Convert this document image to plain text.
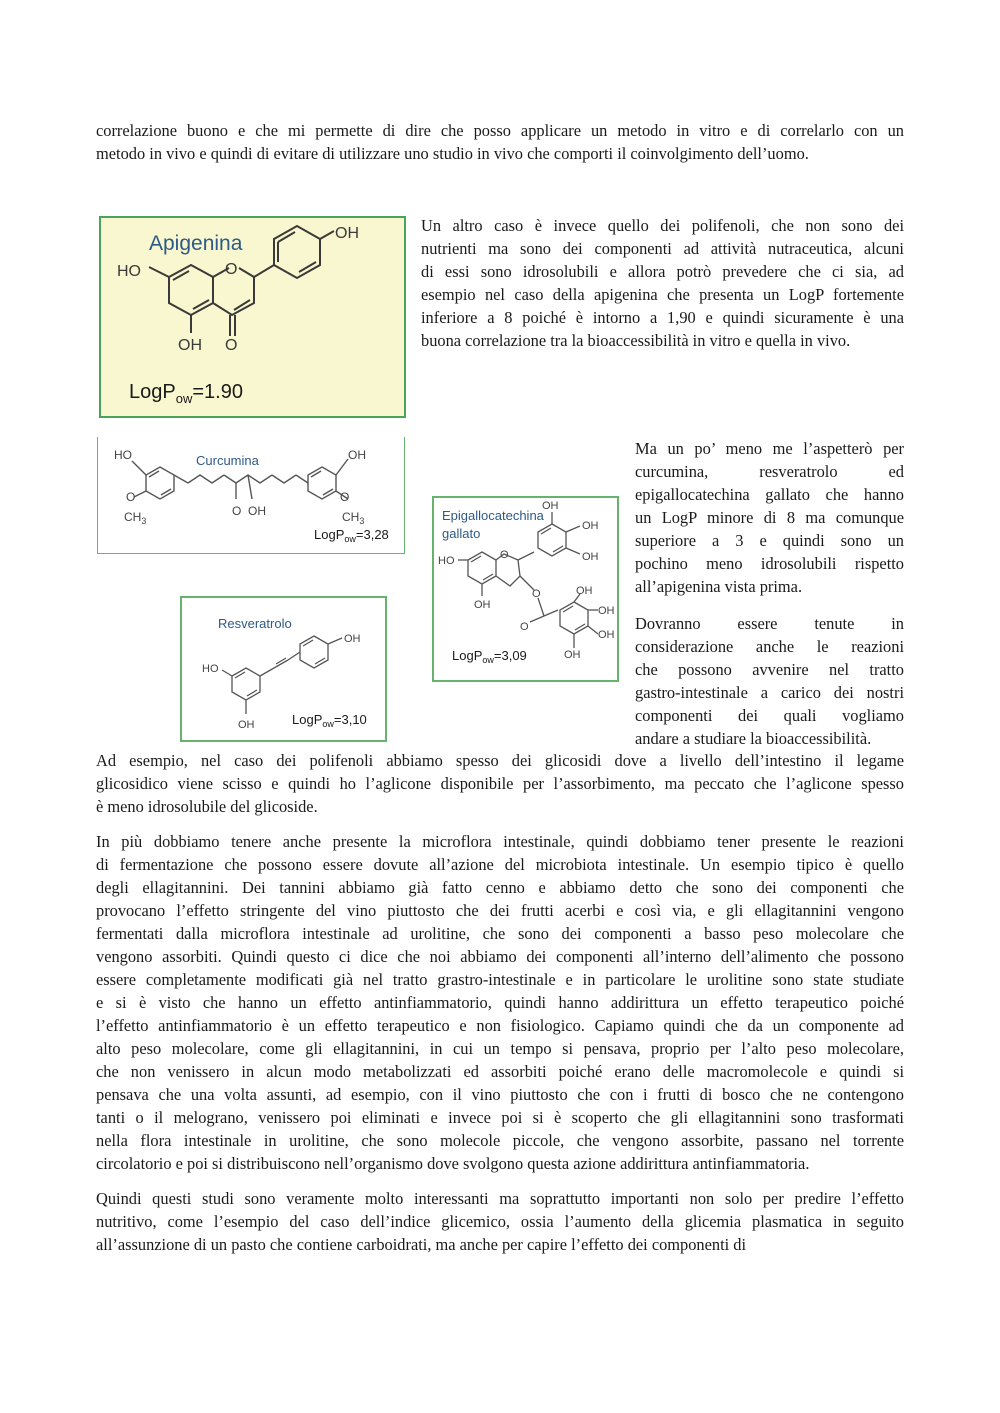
correlazione buono e che mi permette di dire che posso applicare un metodo in vitro e di correlarlo con un
metodo in vivo e quindi di evitare di utilizzare uno studio in vivo che comporti il coinvolgimento dell’uomo.
Apigenina	OH
HO	O
OH O
LogP$_{ow}$=1.90
Un altro caso è invece quello dei polifenoli, che non sono dei
nutrienti ma sono dei componenti ad attività nutraceutica, alcuni
di essi sono idrosolubili e allora potrò prevedere che ci sia, ad
esempio nel caso della apigenina che presenta un LogP fortemente
inferiore a 8 poiché è intorno a 1,90 e quindi sicuramente è una
buona correlazione tra la bioaccessibilità in vitro e quella in vivo.
HO
O
$CH_3$
Curcumina
O OH
OH
O
$CH_3$
LogP$_{ow}$=3,28
Epigallocatechina
gallato
HO	O
OH
O
O
OH
OH
OH
OH
OH
OH
OH
LogP$_{ow}$=3,09
Resveratrolo
HO
OH
OH
LogP$_{ow}$=3,10
Ma un po’ meno me l’aspetterò per
curcumina, resveratrolo ed
epigallocatechina gallato che hanno
un LogP minore di 8 ma comunque
superiore a 3 e quindi sono un
pochino meno idrosolubili rispetto
all’apigenina vista prima.
Dovranno essere tenute in
considerazione anche le reazioni
che possono avvenire nel tratto
gastro-intestinale a carico dei nostri
componenti dei quali vogliamo
andare a studiare la bioaccessibilità.
Ad esempio, nel caso dei polifenoli abbiamo spesso dei glicosidi dove a livello dell’intestino il legame
glicosidico viene scisso e quindi ho l’aglicone disponibile per l’assorbimento, ma peccato che l’aglicone spesso
è meno idrosolubile del glicoside.
In più dobbiamo tenere anche presente la microflora intestinale, quindi dobbiamo tener presente le reazioni
di fermentazione che possono essere dovute all’azione del microbiota intestinale. Un esempio tipico è quello
degli ellagitannini. Dei tannini abbiamo già fatto cenno e abbiamo detto che sono dei componenti che
provocano l’effetto stringente del vino piuttosto che dei frutti acerbi e così via, e gli ellagitannini vengono
fermentati dalla microflora intestinale ad urolitine, che sono dei componenti a basso peso molecolare che
vengono assorbiti. Quindi questo ci dice che noi abbiamo dei componenti all’interno dell’alimento che possono
essere completamente modificati già nel tratto grastro-intestinale e in particolare le urolitine sono state studiate
e si è visto che hanno un effetto antinfiammatorio, quindi hanno addirittura un effetto terapeutico poiché
l’effetto antinfiammatorio è un effetto terapeutico e non fisiologico. Capiamo quindi che da un componente ad
alto peso molecolare, come gli ellagitannini, in cui un tempo si pensava, proprio per l’alto peso molecolare,
che non venissero in alcun modo metabolizzati ed assorbiti poiché erano delle macromolecole e quindi si
pensava che una volta assunti, ad esempio, con il vino piuttosto che con i frutti di bosco che ne contengono
tanti o il melograno, venissero poi eliminati e invece poi si è scoperto che gli ellagitannini sono trasformati
nella flora intestinale in urolitine, che sono molecole piccole, che vengono assorbite, passano nel torrente
circolatorio e poi si distribuiscono nell’organismo dove svolgono questa azione addirittura antinfiammatoria.
Quindi questi studi sono veramente molto interessanti ma soprattutto importanti non solo per predire l’effetto
nutritivo, come l’esempio del caso dell’indice glicemico, ossia l’aumento della glicemia plasmatica in seguito
all’assunzione di un pasto che contiene carboidrati, ma anche per capire l’effetto dei componenti di
